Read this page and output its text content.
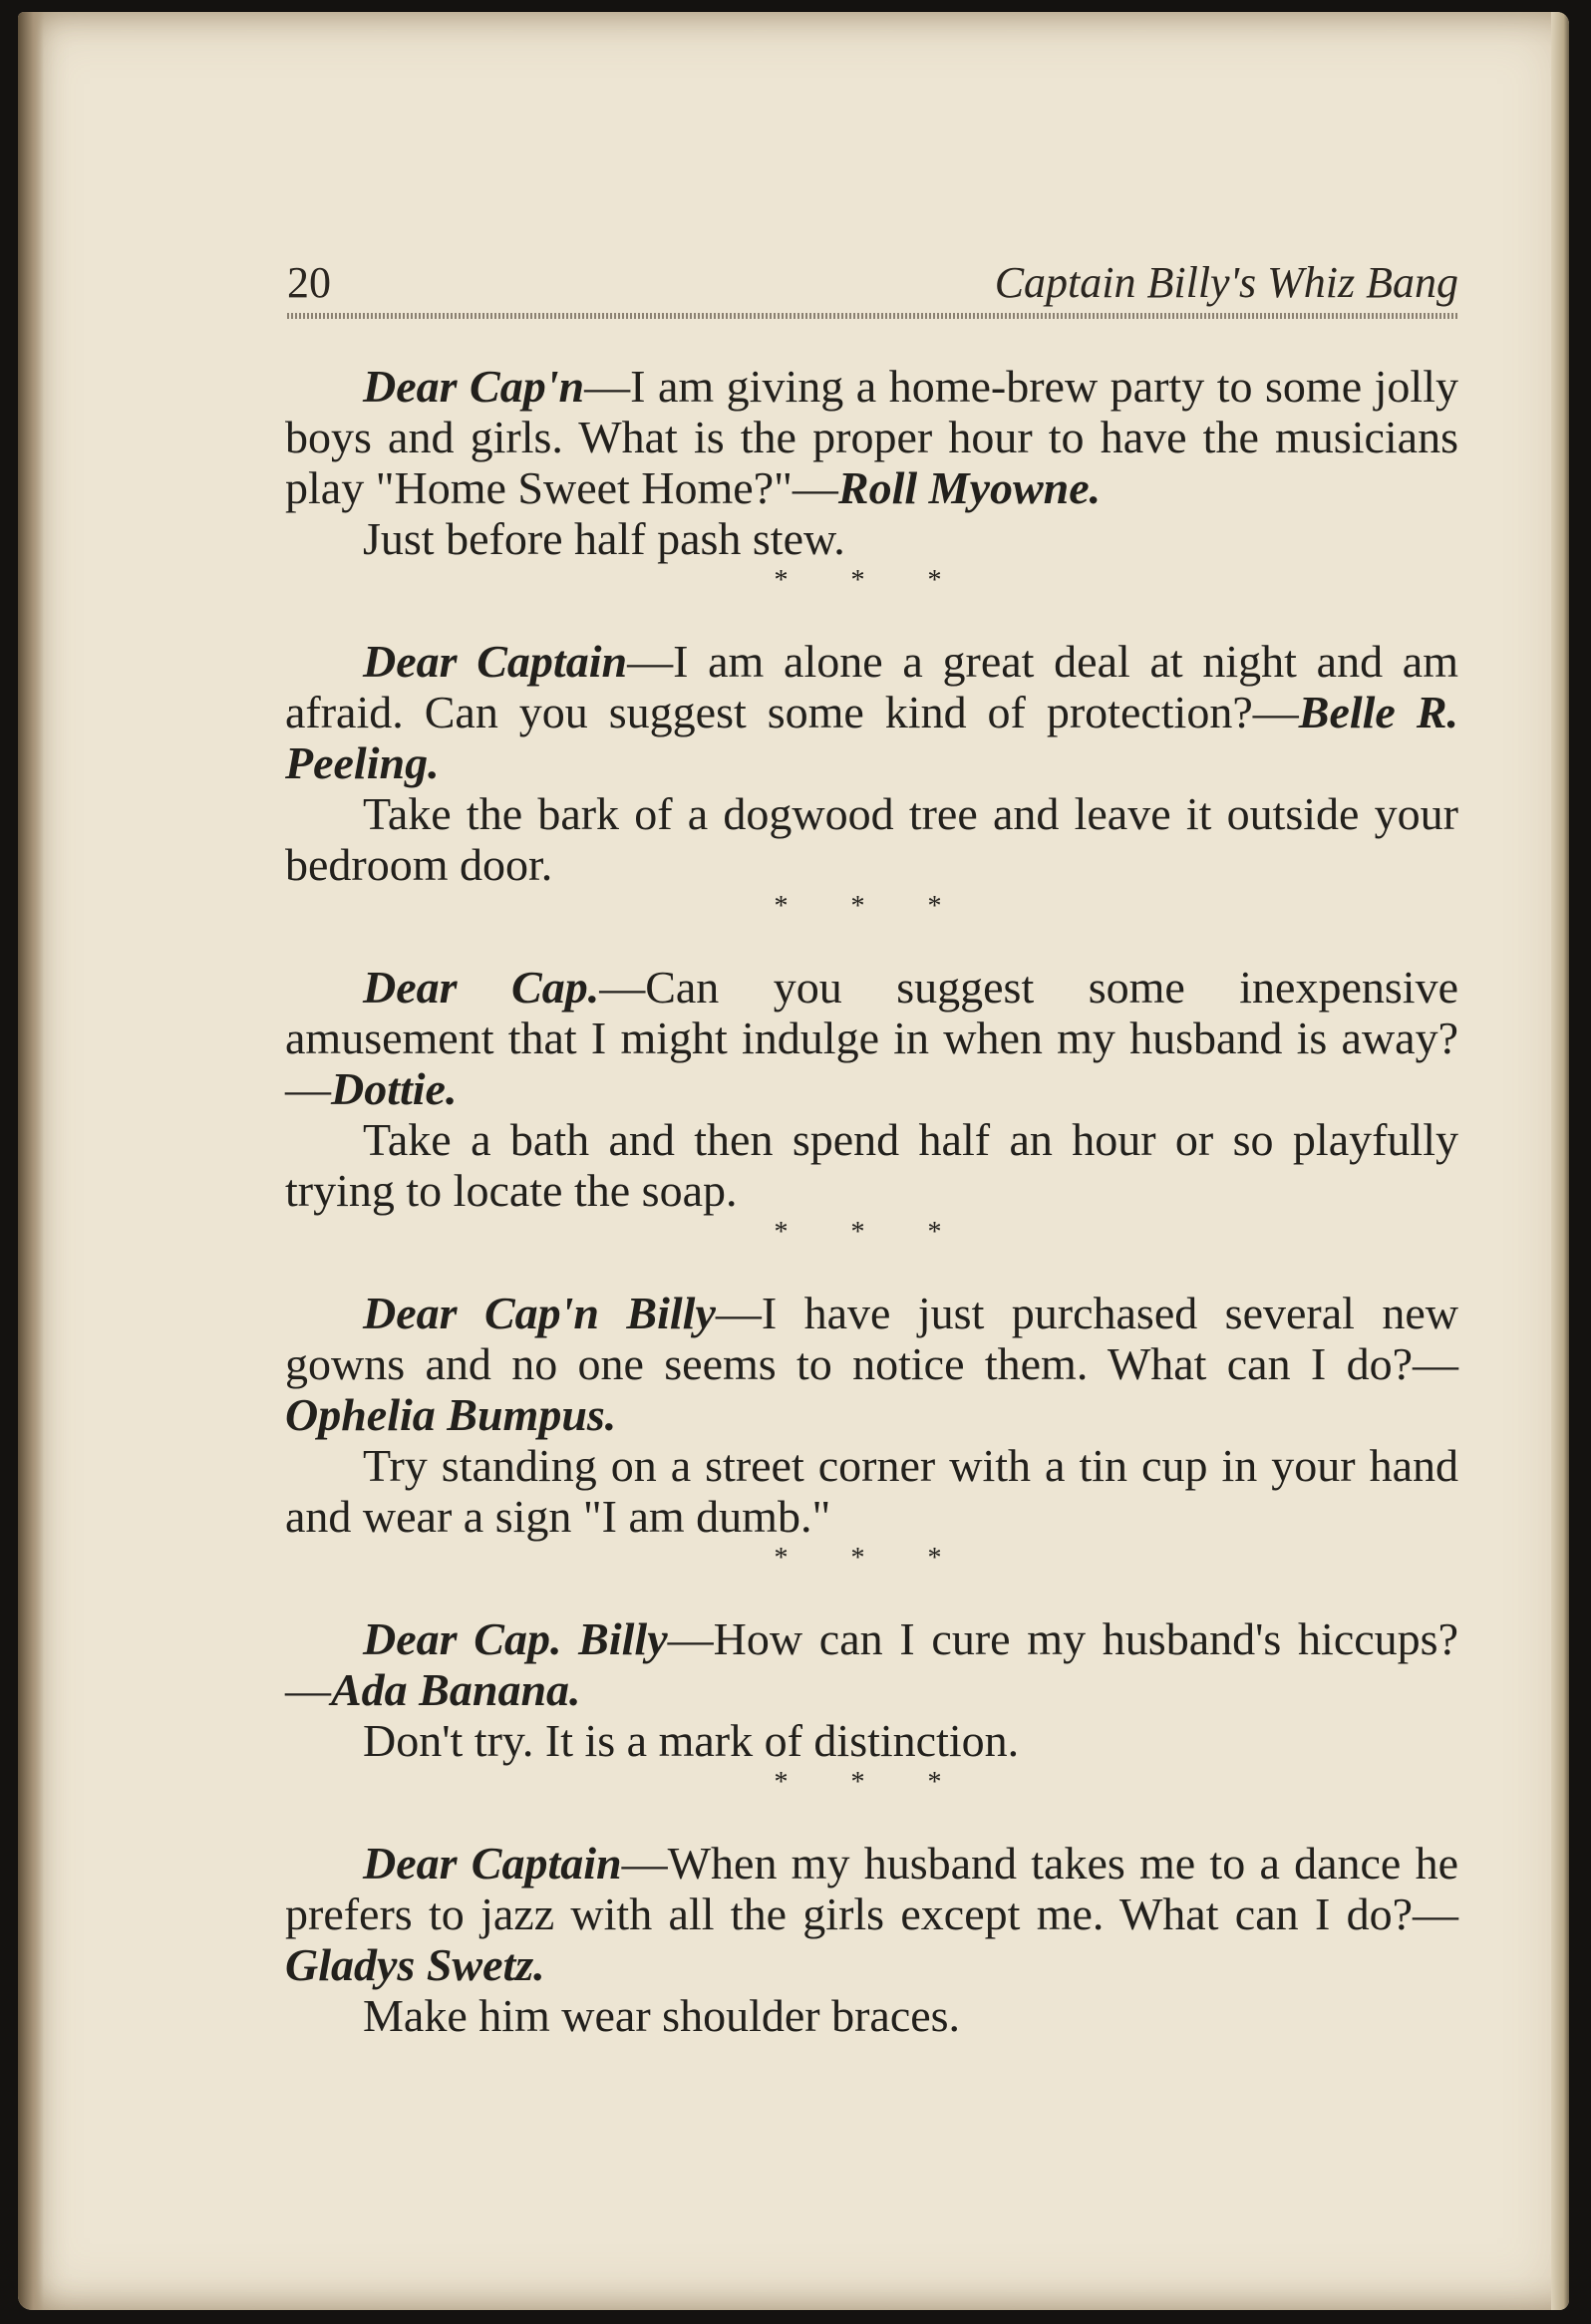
20	Captain Billy's Whiz Bang

Dear Cap'n—I am giving a home-brew party to some jolly boys and girls. What is the proper hour to have the musicians play "Home Sweet Home?"—Roll Myowne.

Just before half pash stew.

* * *

Dear Captain—I am alone a great deal at night and am afraid. Can you suggest some kind of protection?—Belle R. Peeling.

Take the bark of a dogwood tree and leave it outside your bedroom door.

* * *

Dear Cap.—Can you suggest some inexpensive amusement that I might indulge in when my husband is away?—Dottie.

Take a bath and then spend half an hour or so playfully trying to locate the soap.

* * *

Dear Cap'n Billy—I have just purchased several new gowns and no one seems to notice them. What can I do?—Ophelia Bumpus.

Try standing on a street corner with a tin cup in your hand and wear a sign "I am dumb."

* * *

Dear Cap. Billy—How can I cure my husband's hiccups?—Ada Banana.

Don't try. It is a mark of distinction.

* * *

Dear Captain—When my husband takes me to a dance he prefers to jazz with all the girls except me. What can I do?—Gladys Swetz.

Make him wear shoulder braces.
